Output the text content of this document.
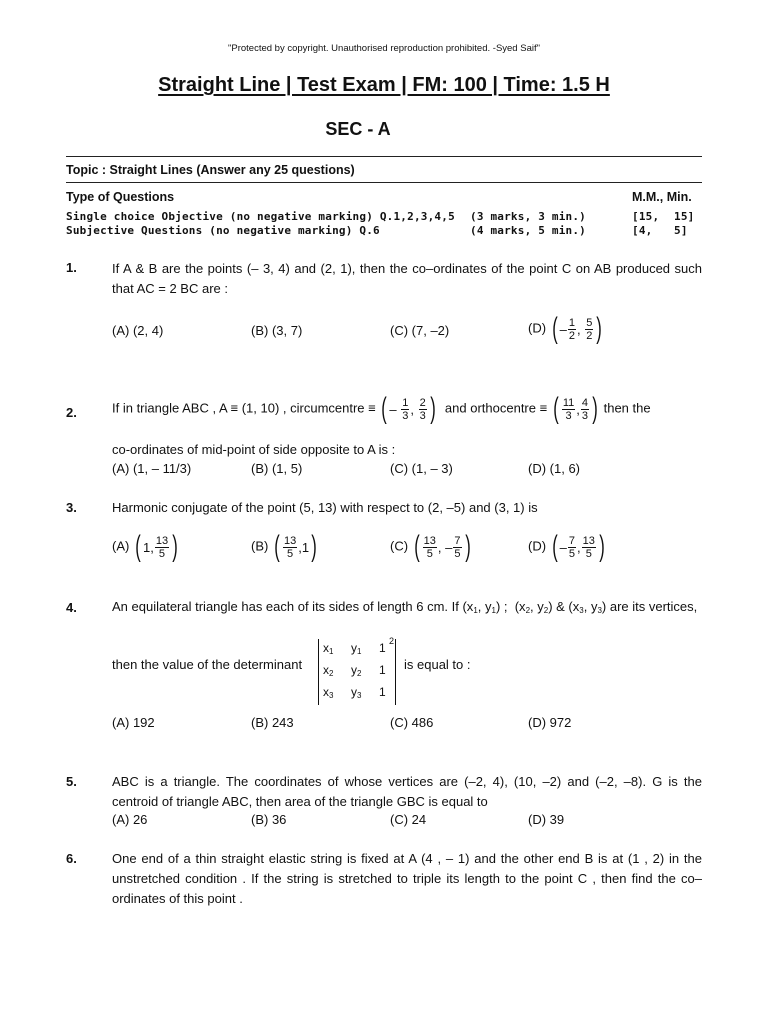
"Protected by copyright. Unauthorised reproduction prohibited. -Syed Saif"
Straight Line | Test Exam | FM: 100 | Time: 1.5 H
SEC - A
Topic : Straight Lines (Answer any 25 questions)
Type of Questions	M.M., Min.
Single choice Objective (no negative marking) Q.1,2,3,4,5 (3 marks, 3 min.)	[15, 15]
Subjective Questions (no negative marking) Q.6	(4 marks, 5 min.)	[4, 5]
1.	If A & B are the points (– 3, 4) and (2, 1), then the co–ordinates of the point C on AB produced such that AC = 2 BC are :
(A) (2, 4)	(B) (3, 7)	(C) (7, –2)	(D) ( – $\frac{1}{2}$ , $\frac{5}{2}$ )
2.	If in triangle ABC , A ≡ (1, 10) , circumcentre ≡ ( – $\frac{1}{3}$ , $\frac{2}{3}$ ) and orthocentre ≡ ( $\frac{11}{3}$ , $\frac{4}{3}$ ) then the
co-ordinates of mid-point of side opposite to A is :
(A) (1, – 11/3)	(B) (1, 5)	(C) (1, – 3)	(D) (1, 6)
3.	Harmonic conjugate of the point (5, 13) with respect to (2, –5) and (3, 1) is
(A) ( 1 , $\frac{13}{5}$ )	(B) ( $\frac{13}{5}$ , 1 )	(C) ( $\frac{13}{5}$ , – $\frac{7}{5}$ )	(D) ( – $\frac{7}{5}$ , $\frac{13}{5}$ )
4.	An equilateral triangle has each of its sides of length 6 cm. If ($x_1$, $y_1$) ;  ($x_2$, $y_2$) & ($x_3$, $y_3$) are its vertices,
then the value of the determinant
$x_1$	$y_1$	1
$x_2$	$y_2$	1
$x_3$	$y_3$	1
2
is equal to :
(A) 192	(B) 243	(C) 486	(D) 972
5.	ABC is a triangle. The coordinates of whose vertices are (–2, 4), (10, –2) and (–2, –8). G is the centroid of triangle ABC, then area of the triangle GBC is equal to
(A) 26	(B) 36	(C) 24	(D) 39
6.	One end of a thin straight elastic string is fixed at A (4 , – 1) and the other end B is at (1 , 2) in the unstretched condition . If the string is stretched to triple its length to the point C , then find the co–ordinates of this point .
